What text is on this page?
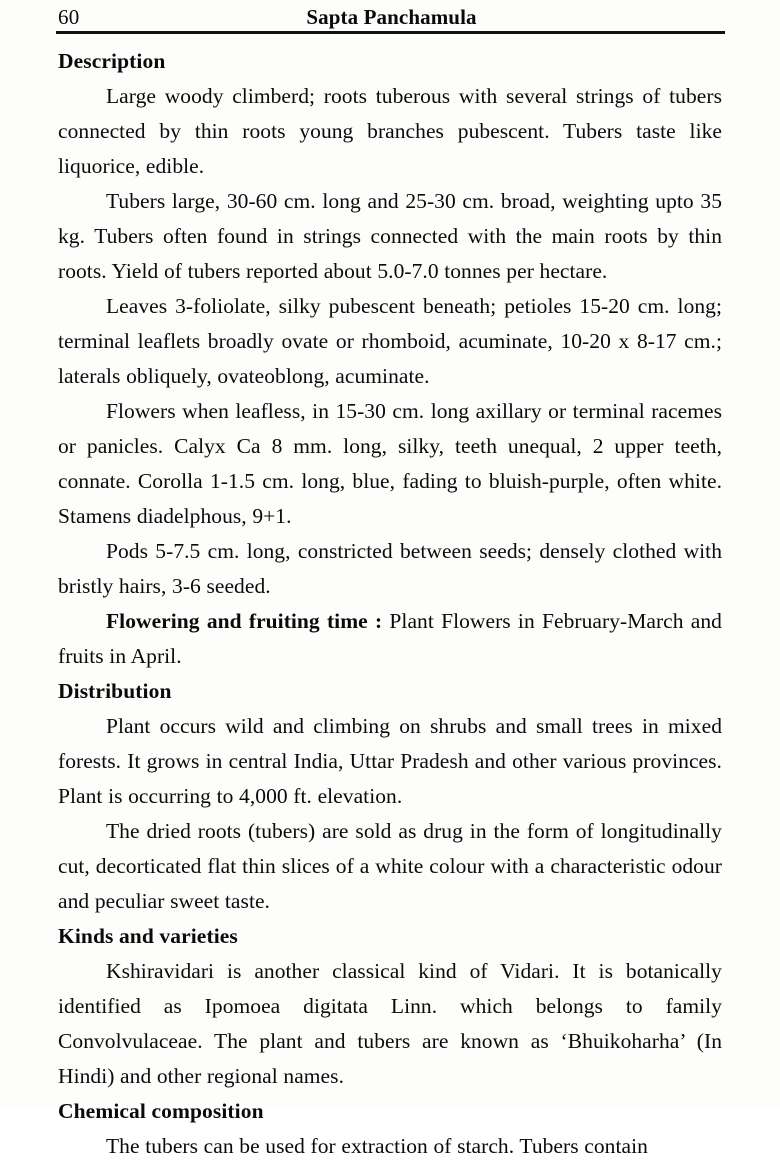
60	Sapta Panchamula
Description

Large woody climberd; roots tuberous with several strings of tubers connected by thin roots young branches pubescent. Tubers taste like liquorice, edible.

Tubers large, 30-60 cm. long and 25-30 cm. broad, weighting upto 35 kg. Tubers often found in strings connected with the main roots by thin roots. Yield of tubers reported about 5.0-7.0 tonnes per hectare.

Leaves 3-foliolate, silky pubescent beneath; petioles 15-20 cm. long; terminal leaflets broadly ovate or rhomboid, acuminate, 10-20 x 8-17 cm.; laterals obliquely, ovateoblong, acuminate.

Flowers when leafless, in 15-30 cm. long axillary or terminal racemes or panicles. Calyx Ca 8 mm. long, silky, teeth unequal, 2 upper teeth, connate. Corolla 1-1.5 cm. long, blue, fading to bluish-purple, often white. Stamens diadelphous, 9+1.

Pods 5-7.5 cm. long, constricted between seeds; densely clothed with bristly hairs, 3-6 seeded.

Flowering and fruiting time : Plant Flowers in February-March and fruits in April.

Distribution

Plant occurs wild and climbing on shrubs and small trees in mixed forests. It grows in central India, Uttar Pradesh and other various provinces. Plant is occurring to 4,000 ft. elevation.

The dried roots (tubers) are sold as drug in the form of longitudinally cut, decorticated flat thin slices of a white colour with a characteristic odour and peculiar sweet taste.

Kinds and varieties

Kshiravidari is another classical kind of Vidari. It is botanically identified as Ipomoea digitata Linn. which belongs to family Convolvulaceae. The plant and tubers are known as ‘Bhuikoharha’ (In Hindi) and other regional names.

Chemical composition

The tubers can be used for extraction of starch. Tubers contain
